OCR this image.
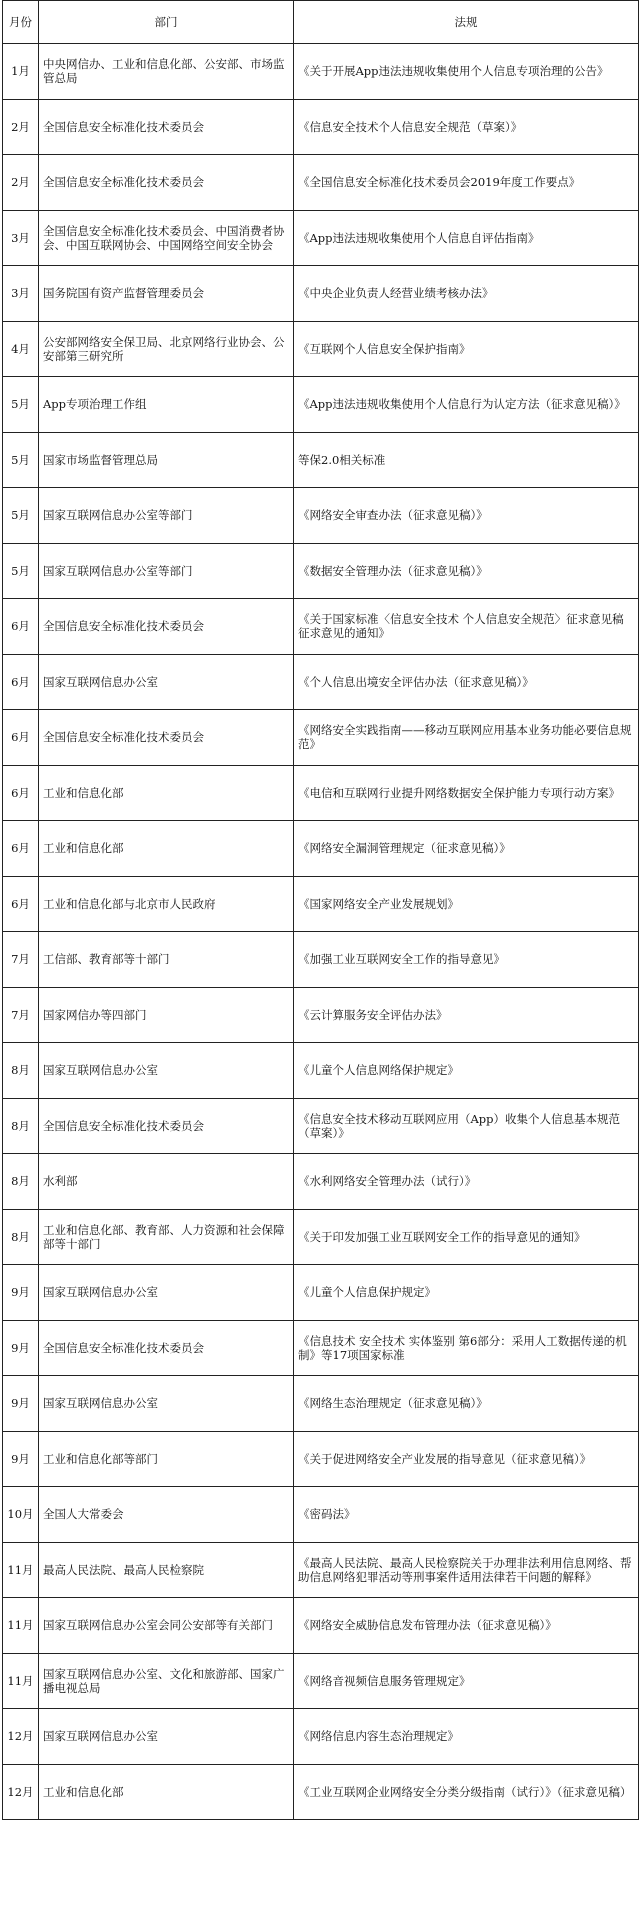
月份	部门	法规
1月	中央网信办、工业和信息化部、公安部、市场监管总局	《关于开展App违法违规收集使用个人信息专项治理的公告》
2月	全国信息安全标准化技术委员会	《信息安全技术个人信息安全规范（草案）》
2月	全国信息安全标准化技术委员会	《全国信息安全标准化技术委员会2019年度工作要点》
3月	全国信息安全标准化技术委员会、中国消费者协会、中国互联网协会、中国网络空间安全协会	《App违法违规收集使用个人信息自评估指南》
3月	国务院国有资产监督管理委员会	《中央企业负责人经营业绩考核办法》
4月	公安部网络安全保卫局、北京网络行业协会、公安部第三研究所	《互联网个人信息安全保护指南》
5月	App专项治理工作组	《App违法违规收集使用个人信息行为认定方法（征求意见稿）》
5月	国家市场监督管理总局	等保2.0相关标准
5月	国家互联网信息办公室等部门	《网络安全审查办法（征求意见稿）》
5月	国家互联网信息办公室等部门	《数据安全管理办法（征求意见稿）》
6月	全国信息安全标准化技术委员会	《关于国家标准〈信息安全技术 个人信息安全规范〉征求意见稿征求意见的通知》
6月	国家互联网信息办公室	《个人信息出境安全评估办法（征求意见稿）》
6月	全国信息安全标准化技术委员会	《网络安全实践指南——移动互联网应用基本业务功能必要信息规范》
6月	工业和信息化部	《电信和互联网行业提升网络数据安全保护能力专项行动方案》
6月	工业和信息化部	《网络安全漏洞管理规定（征求意见稿）》
6月	工业和信息化部与北京市人民政府	《国家网络安全产业发展规划》
7月	工信部、教育部等十部门	《加强工业互联网安全工作的指导意见》
7月	国家网信办等四部门	《云计算服务安全评估办法》
8月	国家互联网信息办公室	《儿童个人信息网络保护规定》
8月	全国信息安全标准化技术委员会	《信息安全技术移动互联网应用（App）收集个人信息基本规范（草案）》
8月	水利部	《水利网络安全管理办法（试行）》
8月	工业和信息化部、教育部、人力资源和社会保障部等十部门	《关于印发加强工业互联网安全工作的指导意见的通知》
9月	国家互联网信息办公室	《儿童个人信息保护规定》
9月	全国信息安全标准化技术委员会	《信息技术 安全技术 实体鉴别 第6部分：采用人工数据传递的机制》等17项国家标准
9月	国家互联网信息办公室	《网络生态治理规定（征求意见稿）》
9月	工业和信息化部等部门	《关于促进网络安全产业发展的指导意见（征求意见稿）》
10月	全国人大常委会	《密码法》
11月	最高人民法院、最高人民检察院	《最高人民法院、最高人民检察院关于办理非法利用信息网络、帮助信息网络犯罪活动等刑事案件适用法律若干问题的解释》
11月	国家互联网信息办公室会同公安部等有关部门	《网络安全威胁信息发布管理办法（征求意见稿）》
11月	国家互联网信息办公室、文化和旅游部、国家广播电视总局	《网络音视频信息服务管理规定》
12月	国家互联网信息办公室	《网络信息内容生态治理规定》
12月	工业和信息化部	《工业互联网企业网络安全分类分级指南（试行）》（征求意见稿）
